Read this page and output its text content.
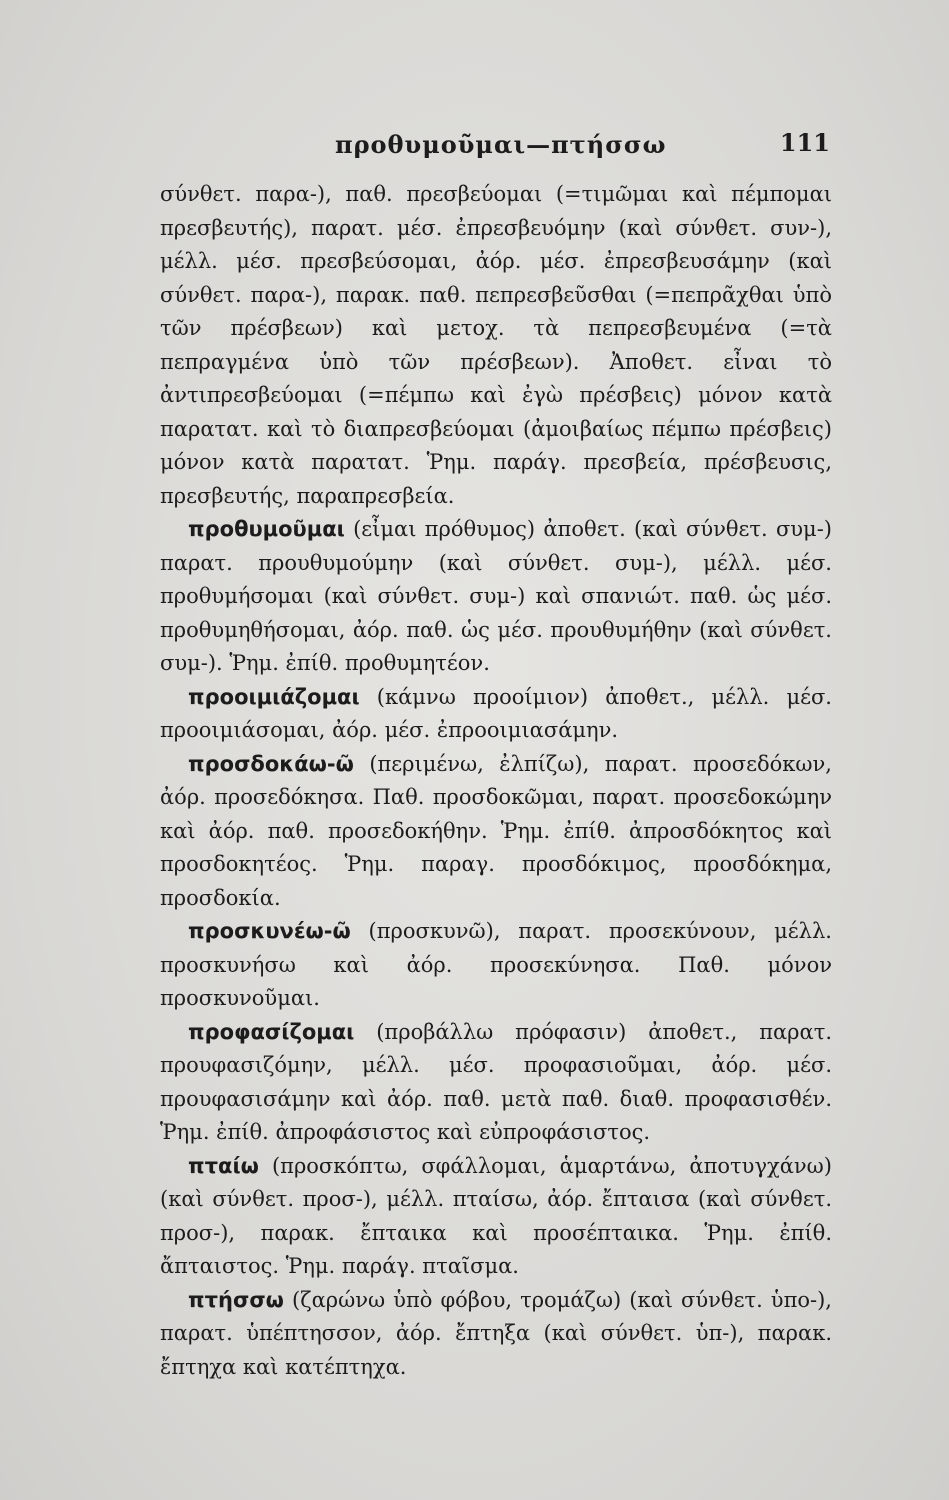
προθυμοῦμαι—πτήσσω	111

σύνθετ. παρα-), παθ. πρεσβεύομαι (=τιμῶμαι καὶ πέμπομαι πρεσβευτής), παρατ. μέσ. ἐπρεσβευόμην (καὶ σύνθετ. συν-), μέλλ. μέσ. πρεσβεύσομαι, ἀόρ. μέσ. ἐπρεσβευσάμην (καὶ σύνθετ. παρα-), παρακ. παθ. πεπρεσβεῦσθαι (=πεπρᾶχθαι ὑπὸ τῶν πρέσβεων) καὶ μετοχ. τὰ πεπρεσβευμένα (=τὰ πεπραγμένα ὑπὸ τῶν πρέσβεων). Ἀποθετ. εἶναι τὸ ἀντιπρεσβεύομαι (=πέμπω καὶ ἐγὼ πρέσβεις) μόνον κατὰ παρατατ. καὶ τὸ διαπρεσβεύομαι (ἀμοιβαίως πέμπω πρέσβεις) μόνον κατὰ παρατατ. Ῥημ. παράγ. πρεσβεία, πρέσβευσις, πρεσβευτής, παραπρεσβεία.

προθυμοῦμαι (εἶμαι πρόθυμος) ἀποθετ. (καὶ σύνθετ. συμ-) παρατ. προυθυμούμην (καὶ σύνθετ. συμ-), μέλλ. μέσ. προθυμήσομαι (καὶ σύνθετ. συμ-) καὶ σπανιώτ. παθ. ὡς μέσ. προθυμηθήσομαι, ἀόρ. παθ. ὡς μέσ. προυθυμήθην (καὶ σύνθετ. συμ-). Ῥημ. ἐπίθ. προθυμητέον.

προοιμιάζομαι (κάμνω προοίμιον) ἀποθετ., μέλλ. μέσ. προοιμιάσομαι, ἀόρ. μέσ. ἐπροοιμιασάμην.

προσδοκάω-ῶ (περιμένω, ἐλπίζω), παρατ. προσεδόκων, ἀόρ. προσεδόκησα. Παθ. προσδοκῶμαι, παρατ. προσεδοκώμην καὶ ἀόρ. παθ. προσεδοκήθην. Ῥημ. ἐπίθ. ἀπροσδόκητος καὶ προσδοκητέος. Ῥημ. παραγ. προσδόκιμος, προσδόκημα, προσδοκία.

προσκυνέω-ῶ (προσκυνῶ), παρατ. προσεκύνουν, μέλλ. προσκυνήσω καὶ ἀόρ. προσεκύνησα. Παθ. μόνον προσκυνοῦμαι.

προφασίζομαι (προβάλλω πρόφασιν) ἀποθετ., παρατ. προυφασιζόμην, μέλλ. μέσ. προφασιοῦμαι, ἀόρ. μέσ. προυφασισάμην καὶ ἀόρ. παθ. μετὰ παθ. διαθ. προφασισθέν. Ῥημ. ἐπίθ. ἀπροφάσιστος καὶ εὐπροφάσιστος.

πταίω (προσκόπτω, σφάλλομαι, ἁμαρτάνω, ἀποτυγχάνω) (καὶ σύνθετ. προσ-), μέλλ. πταίσω, ἀόρ. ἔπταισα (καὶ σύνθετ. προσ-), παρακ. ἔπταικα καὶ προσέπταικα. Ῥημ. ἐπίθ. ἄπταιστος. Ῥημ. παράγ. πταῖσμα.

πτήσσω (ζαρώνω ὑπὸ φόβου, τρομάζω) (καὶ σύνθετ. ὑπο-), παρατ. ὑπέπτησσον, ἀόρ. ἔπτηξα (καὶ σύνθετ. ὑπ-), παρακ. ἔπτηχα καὶ κατέπτηχα.
